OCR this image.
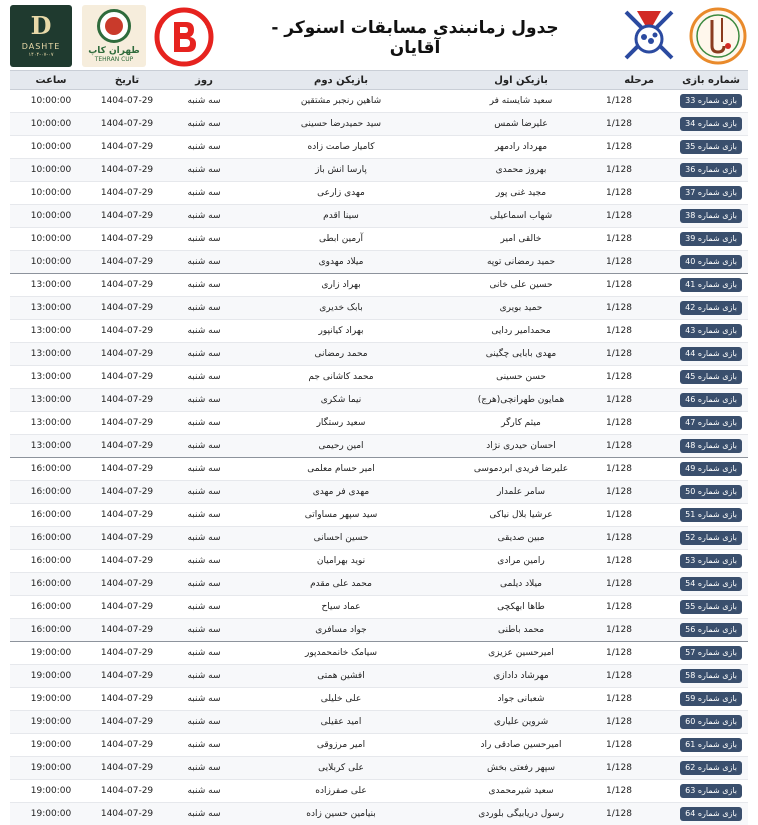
D
DASHTE
۱۴۰۴-۰۷-۰۷	طهران کاپ
TEHRAN CUP
BILLIARD MOVEMENT	جدول زمانبندی مسابقات اسنوکر - آقایان
شماره بازی
مرحله
بازیکن اول
بازیکن دوم
روز
تاریخ
ساعت
بازی شماره 33
1/128
سعید شایسته فر
شاهین رنجبر مشتقین
سه شنبه
1404-07-29
10:00:00
بازی شماره 34
1/128
علیرضا شمس
سید حمیدرضا حسینی
سه شنبه
1404-07-29
10:00:00
بازی شماره 35
1/128
مهرداد رادمهر
کامیار صامت زاده
سه شنبه
1404-07-29
10:00:00
بازی شماره 36
1/128
بهروز محمدی
پارسا انش باز
سه شنبه
1404-07-29
10:00:00
بازی شماره 37
1/128
مجید غنی پور
مهدی زارعی
سه شنبه
1404-07-29
10:00:00
بازی شماره 38
1/128
شهاب اسماعیلی
سینا اقدم
سه شنبه
1404-07-29
10:00:00
بازی شماره 39
1/128
خالقی امیر
آرمین ابطی
سه شنبه
1404-07-29
10:00:00
بازی شماره 40
1/128
حمید رمضانی توپه
میلاد مهدوی
سه شنبه
1404-07-29
10:00:00
بازی شماره 41
1/128
حسین علی خانی
بهراد زاری
سه شنبه
1404-07-29
13:00:00
بازی شماره 42
1/128
حمید بویری
بابک خدیری
سه شنبه
1404-07-29
13:00:00
بازی شماره 43
1/128
محمدامیر ردایی
بهراد کیانپور
سه شنبه
1404-07-29
13:00:00
بازی شماره 44
1/128
مهدی بابایی چگینی
محمد رمضانی
سه شنبه
1404-07-29
13:00:00
بازی شماره 45
1/128
حسن حسینی
محمد کاشانی جم
سه شنبه
1404-07-29
13:00:00
بازی شماره 46
1/128
همایون طهرانچی(هرج)
نیما شکری
سه شنبه
1404-07-29
13:00:00
بازی شماره 47
1/128
میثم کارگر
سعید رستگار
سه شنبه
1404-07-29
13:00:00
بازی شماره 48
1/128
احسان حیدری نژاد
امین رحیمی
سه شنبه
1404-07-29
13:00:00
بازی شماره 49
1/128
علیرضا فریدی ابردموسی
امیر حسام معلمی
سه شنبه
1404-07-29
16:00:00
بازی شماره 50
1/128
سامر علمدار
مهدی فر مهدی
سه شنبه
1404-07-29
16:00:00
بازی شماره 51
1/128
عرشیا بلال نیاکی
سید سپهر مساواتی
سه شنبه
1404-07-29
16:00:00
بازی شماره 52
1/128
مبین صدیقی
حسین احسانی
سه شنبه
1404-07-29
16:00:00
بازی شماره 53
1/128
رامین مرادی
نوید بهرامیان
سه شنبه
1404-07-29
16:00:00
بازی شماره 54
1/128
میلاد دیلمی
محمد علی مقدم
سه شنبه
1404-07-29
16:00:00
بازی شماره 55
1/128
طاها ابهکچی
عماد سیاح
سه شنبه
1404-07-29
16:00:00
بازی شماره 56
1/128
محمد باطنی
جواد مسافری
سه شنبه
1404-07-29
16:00:00
بازی شماره 57
1/128
امیرحسین عزیزی
سیامک خانمحمدپور
سه شنبه
1404-07-29
19:00:00
بازی شماره 58
1/128
مهرشاد دادازی
افشین همتی
سه شنبه
1404-07-29
19:00:00
بازی شماره 59
1/128
شعبانی جواد
علی خلیلی
سه شنبه
1404-07-29
19:00:00
بازی شماره 60
1/128
شروین علیاری
امید عقیلی
سه شنبه
1404-07-29
19:00:00
بازی شماره 61
1/128
امیرحسین صادقی راد
امیر مرزوقی
سه شنبه
1404-07-29
19:00:00
بازی شماره 62
1/128
سپهر رفعتی بخش
علی کربلایی
سه شنبه
1404-07-29
19:00:00
بازی شماره 63
1/128
سعید شیرمحمدی
علی صفرزاده
سه شنبه
1404-07-29
19:00:00
بازی شماره 64
1/128
رسول دریابیگی بلوردی
بنیامین حسین زاده
سه شنبه
1404-07-29
19:00:00
